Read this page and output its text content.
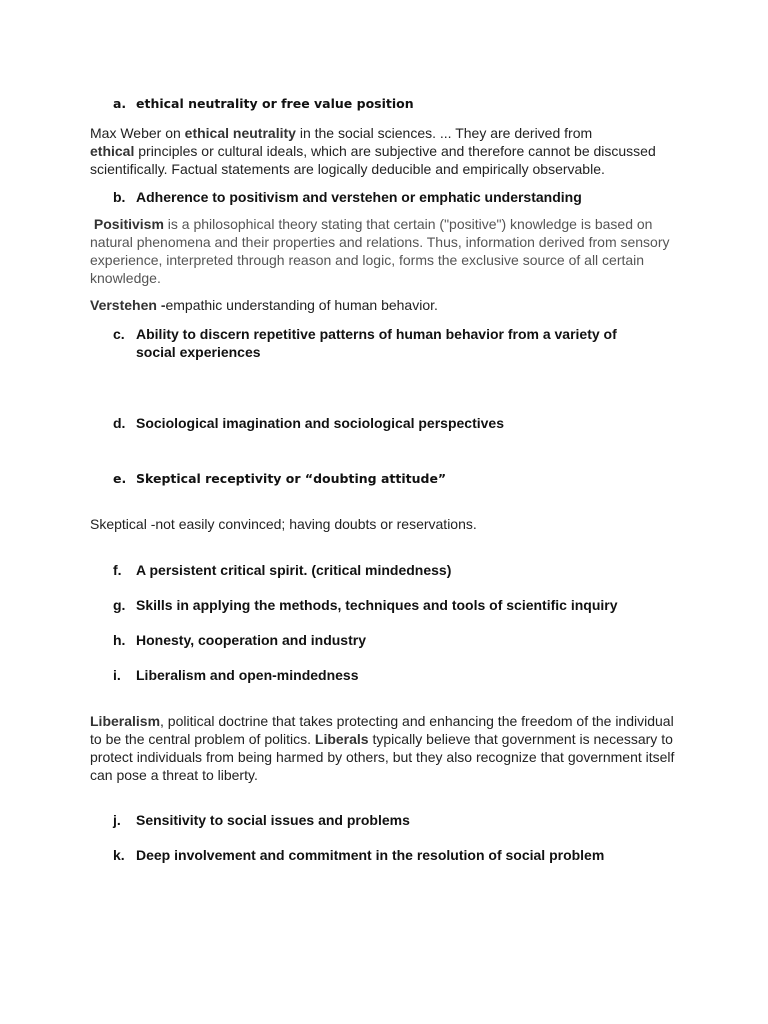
a. ethical neutrality or free value position
Max Weber on ethical neutrality in the social sciences. ... They are derived from
ethical principles or cultural ideals, which are subjective and therefore cannot be discussed scientifically. Factual statements are logically deducible and empirically observable.
b. Adherence to positivism and verstehen or emphatic understanding
Positivism is a philosophical theory stating that certain ("positive") knowledge is based on natural phenomena and their properties and relations. Thus, information derived from sensory experience, interpreted through reason and logic, forms the exclusive source of all certain knowledge.
Verstehen -empathic understanding of human behavior.
c. Ability to discern repetitive patterns of human behavior from a variety of social experiences
d. Sociological imagination and sociological perspectives
e. Skeptical receptivity or “doubting attitude”
Skeptical -not easily convinced; having doubts or reservations.
f.	A persistent critical spirit. (critical mindedness)
g. Skills in applying the methods, techniques and tools of scientific inquiry
h. Honesty, cooperation and industry
i.	Liberalism and open-mindedness
Liberalism, political doctrine that takes protecting and enhancing the freedom of the individual to be the central problem of politics. Liberals typically believe that government is necessary to protect individuals from being harmed by others, but they also recognize that government itself can pose a threat to liberty.
j.	Sensitivity to social issues and problems
k. Deep involvement and commitment in the resolution of social problem
